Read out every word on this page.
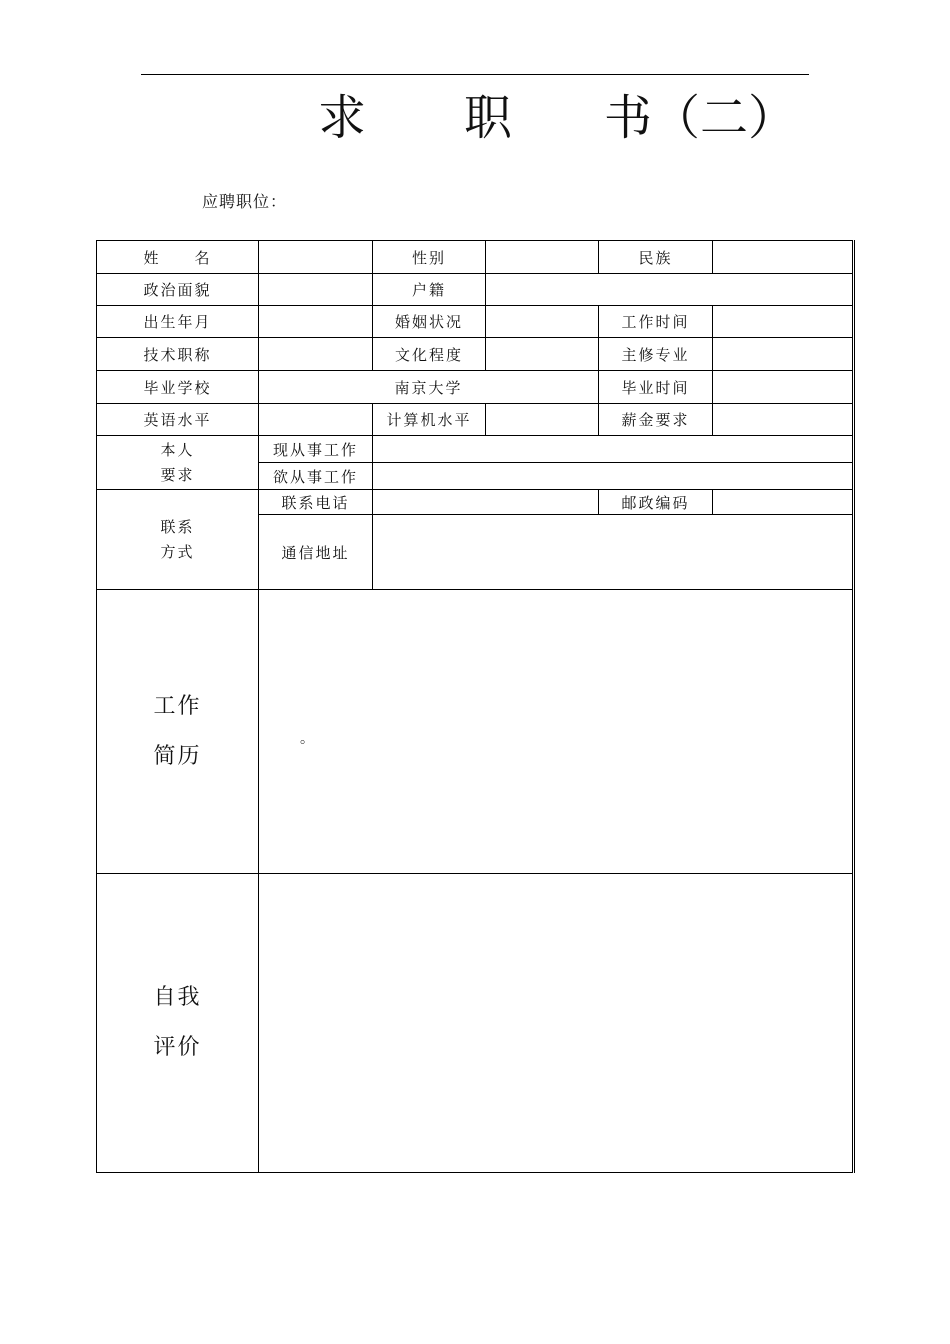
求 职 书（二）
应聘职位：
姓　　名		性别		民族	
政治面貌		户籍			
出生年月		婚姻状况		工作时间	
技术职称		文化程度		主修专业	
毕业学校	南京大学			毕业时间	
英语水平		计算机水平		薪金要求	

本人
要求	现从事工作				
	欲从事工作				

联系
方式	联系电话			邮政编码	
	通信地址				

工作
简历	。				

自我
评价					
